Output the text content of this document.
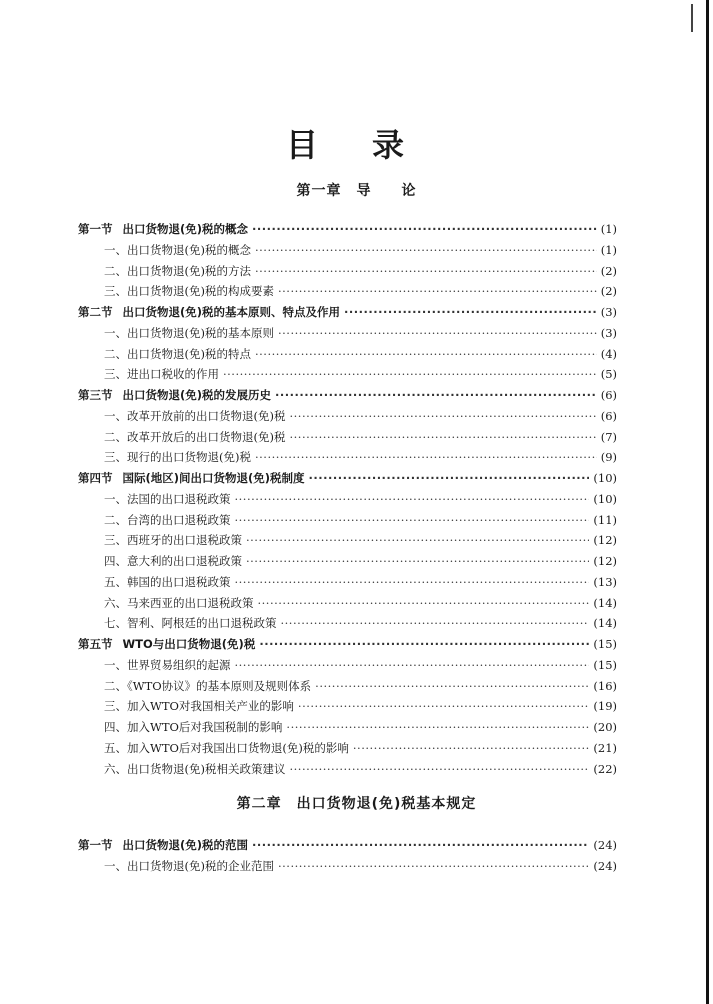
目 录
第一章　导　　论
第一节 出口货物退(免)税的概念 ·····	(1)
一、出口货物退(免)税的概念 ·····	(1)
二、出口货物退(免)税的方法 ·····	(2)
三、出口货物退(免)税的构成要素 ·····	(2)
第二节 出口货物退(免)税的基本原则、特点及作用 ·····	(3)
一、出口货物退(免)税的基本原则 ·····	(3)
二、出口货物退(免)税的特点 ·····	(4)
三、进出口税收的作用 ·····	(5)
第三节 出口货物退(免)税的发展历史 ·····	(6)
一、改革开放前的出口货物退(免)税 ·····	(6)
二、改革开放后的出口货物退(免)税 ·····	(7)
三、现行的出口货物退(免)税 ·····	(9)
第四节 国际(地区)间出口货物退(免)税制度 ·····	(10)
一、法国的出口退税政策 ·····	(10)
二、台湾的出口退税政策 ·····	(11)
三、西班牙的出口退税政策 ·····	(12)
四、意大利的出口退税政策 ·····	(12)
五、韩国的出口退税政策 ·····	(13)
六、马来西亚的出口退税政策 ·····	(14)
七、智利、阿根廷的出口退税政策 ·····	(14)
第五节 WTO与出口货物退(免)税 ·····	(15)
一、世界贸易组织的起源 ·····	(15)
二、《WTO协议》的基本原则及规则体系 ·····	(16)
三、加入WTO对我国相关产业的影响 ·····	(19)
四、加入WTO后对我国税制的影响 ·····	(20)
五、加入WTO后对我国出口货物退(免)税的影响 ·····	(21)
六、出口货物退(免)税相关政策建议 ·····	(22)
第二章　出口货物退(免)税基本规定
第一节 出口货物退(免)税的范围 ·····	(24)
一、出口货物退(免)税的企业范围 ·····	(24)
